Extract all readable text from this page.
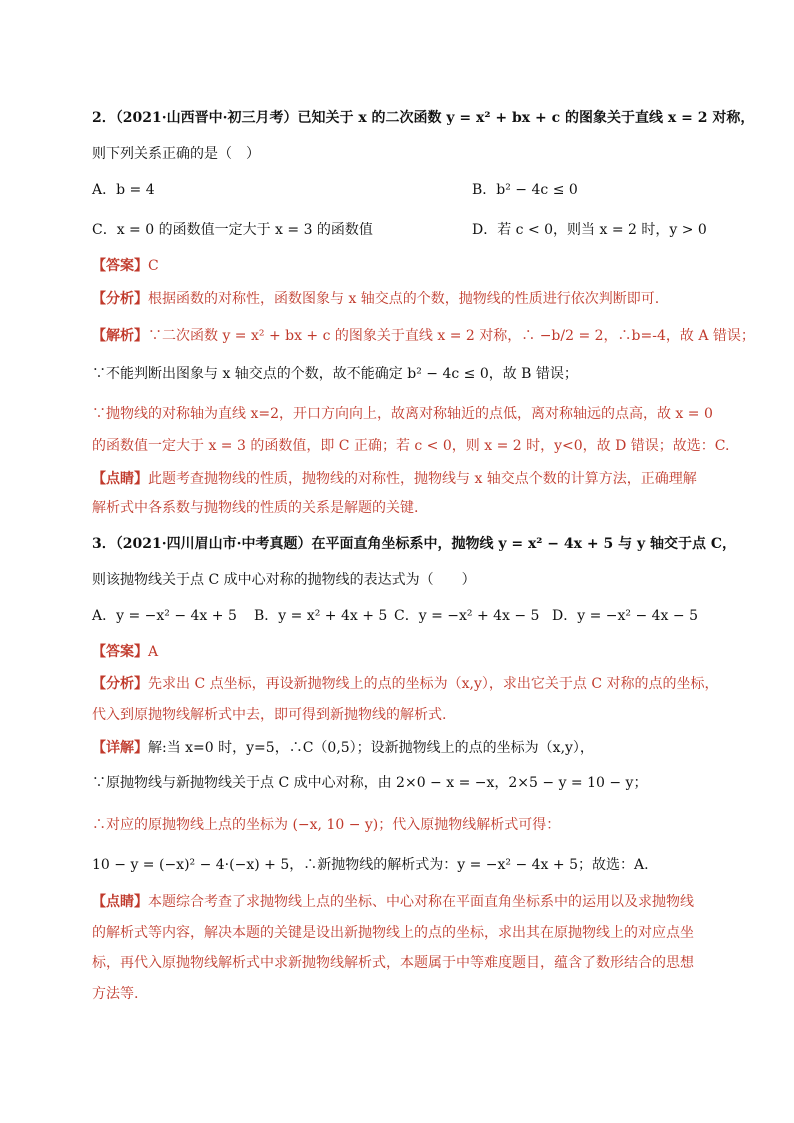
2．（2021·山西晋中·初三月考）已知关于 x 的二次函数 y = x² + bx + c 的图象关于直线 x = 2 对称，
则下列关系正确的是（　）
A．b = 4	B．b² − 4c ≤ 0
C．x = 0 的函数值一定大于 x = 3 的函数值	D．若 c < 0，则当 x = 2 时，y > 0
【答案】C
【分析】根据函数的对称性，函数图象与 x 轴交点的个数，抛物线的性质进行依次判断即可.
【解析】∵二次函数 y = x² + bx + c 的图象关于直线 x = 2 对称，∴ −b/2 = 2，∴b=-4，故 A 错误；
∵不能判断出图象与 x 轴交点的个数，故不能确定 b² − 4c ≤ 0，故 B 错误；
∵抛物线的对称轴为直线 x=2，开口方向向上，故离对称轴近的点低，离对称轴远的点高，故 x = 0
的函数值一定大于 x = 3 的函数值，即 C 正确；若 c < 0，则 x = 2 时，y<0，故 D 错误；故选：C.
【点睛】此题考查抛物线的性质，抛物线的对称性，抛物线与 x 轴交点个数的计算方法，正确理解
解析式中各系数与抛物线的性质的关系是解题的关键.
3．（2021·四川眉山市·中考真题）在平面直角坐标系中，抛物线 y = x² − 4x + 5 与 y 轴交于点 C，
则该抛物线关于点 C 成中心对称的抛物线的表达式为（　　）
A．y = −x² − 4x + 5 B．y = x² + 4x + 5 C．y = −x² + 4x − 5 D．y = −x² − 4x − 5
【答案】A
【分析】先求出 C 点坐标，再设新抛物线上的点的坐标为（x,y），求出它关于点 C 对称的点的坐标，
代入到原抛物线解析式中去，即可得到新抛物线的解析式.
【详解】解:当 x=0 时，y=5，∴C（0,5）；设新抛物线上的点的坐标为（x,y），
∵原抛物线与新抛物线关于点 C 成中心对称，由 2×0 − x = −x，2×5 − y = 10 − y；
∴对应的原抛物线上点的坐标为 (−x, 10 − y)；代入原抛物线解析式可得：
10 − y = (−x)² − 4·(−x) + 5，∴新抛物线的解析式为：y = −x² − 4x + 5；故选：A.
【点睛】本题综合考查了求抛物线上点的坐标、中心对称在平面直角坐标系中的运用以及求抛物线
的解析式等内容，解决本题的关键是设出新抛物线上的点的坐标，求出其在原抛物线上的对应点坐
标，再代入原抛物线解析式中求新抛物线解析式，本题属于中等难度题目，蕴含了数形结合的思想
方法等.
